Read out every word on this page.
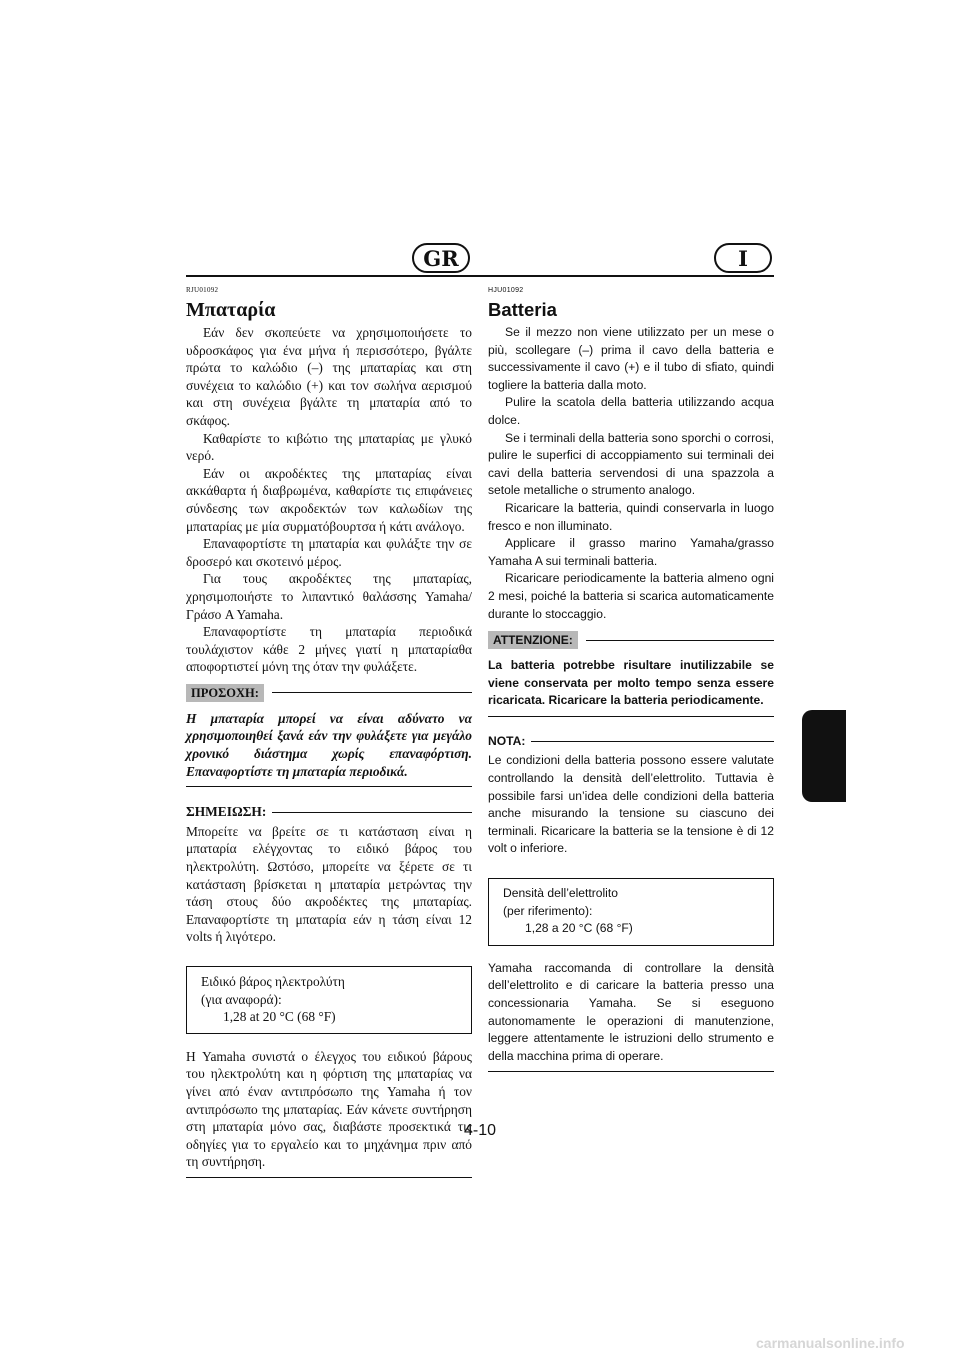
GR	I
RJU01092
Μπαταρία

Εάν δεν σκοπεύετε να χρησιμοποιήσετε το υδροσκάφος για ένα μήνα ή περισσότερο, βγάλτε πρώτα το καλώδιο (–) της μπαταρίας και στη συνέχεια το καλώδιο (+) και τον σωλήνα αερισμού και στη συνέχεια βγάλτε τη μπαταρία από το σκάφος.

Καθαρίστε το κιβώτιο της μπαταρίας με γλυκό νερό.

Εάν οι ακροδέκτες της μπαταρίας είναι ακκάθαρτα ή διαβρωμένα, καθαρίστε τις επιφάνειες σύνδεσης των ακροδεκτών των καλωδίων της μπαταρίας με μία συρματόβουρτσα ή κάτι ανάλογο.

Επαναφορτίστε τη μπαταρία και φυλάξτε την σε δροσερό και σκοτεινό μέρος.

Για τους ακροδέκτες της μπαταρίας, χρησιμοποιήστε το λιπαντικό θαλάσσης Yamaha/Γράσο A Yamaha.

Επαναφορτίστε τη μπαταρία περιοδικά τουλάχιστον κάθε 2 μήνες γιατί η μπαταρίαθα αποφορτιστεί μόνη της όταν την φυλάξετε.

ΠΡΟΣΟΧΗ:
Η μπαταρία μπορεί να είναι αδύνατο να χρησιμοποιηθεί ξανά εάν την φυλάξετε για μεγάλο χρονικό διάστημα χωρίς επαναφόρτιση. Επαναφορτίστε τη μπαταρία περιοδικά.
ΣΗΜΕΙΩΣΗ:
Μπορείτε να βρείτε σε τι κατάσταση είναι η μπαταρία ελέγχοντας το ειδικό βάρος του ηλεκτρολύτη. Ωστόσο, μπορείτε να ξέρετε σε τι κατάσταση βρίσκεται η μπαταρία μετρώντας την τάση στους δύο ακροδέκτες της μπαταρίας. Επαναφορτίστε τη μπαταρία εάν η τάση είναι 12 volts ή λιγότερο.
Ειδικό βάρος ηλεκτρολύτη
(για αναφορά):
1,28 at 20 °C (68 °F)

Η Yamaha συνιστά ο έλεγχος του ειδικού βάρους του ηλεκτρολύτη και η φόρτιση της μπαταρίας να γίνει από έναν αντιπρόσωπο της Yamaha ή τον αντιπρόσωπο της μπαταρίας. Εάν κάνετε συντήρηση στη μπαταρία μόνο σας, διαβάστε προσεκτικά τις οδηγίες για το εργαλείο και το μηχάνημα πριν από τη συντήρηση.

HJU01092
Batteria

Se il mezzo non viene utilizzato per un mese o più, scollegare (–) prima il cavo della batteria e successivamente il cavo (+) e il tubo di sfiato, quindi togliere la batteria dalla moto.

Pulire la scatola della batteria utilizzando acqua dolce.

Se i terminali della batteria sono sporchi o corrosi, pulire le superfici di accoppiamento sui terminali dei cavi della batteria servendosi di una spazzola a setole metalliche o strumento analogo.

Ricaricare la batteria, quindi conservarla in luogo fresco e non illuminato.

Applicare il grasso marino Yamaha/grasso Yamaha A sui terminali batteria.

Ricaricare periodicamente la batteria almeno ogni 2 mesi, poiché la batteria si scarica automaticamente durante lo stoccaggio.

ATTENZIONE:
La batteria potrebbe risultare inutilizzabile se viene conservata per molto tempo senza essere ricaricata. Ricaricare la batteria periodicamente.
NOTA:
Le condizioni della batteria possono essere valutate controllando la densità dell’elettrolito. Tuttavia è possibile farsi un’idea delle condizioni della batteria anche misurando la tensione su ciascuno dei terminali. Ricaricare la batteria se la tensione è di 12 volt o inferiore.
Densità dell’elettrolito
(per riferimento):
1,28 a 20 °C (68 °F)

Yamaha raccomanda di controllare la densità dell’elettrolito e di caricare la batteria presso una concessionaria Yamaha. Se si eseguono autonomamente le operazioni di manutenzione, leggere attentamente le istruzioni dello strumento e della macchina prima di operare.

4-10
carmanualsonline.info
